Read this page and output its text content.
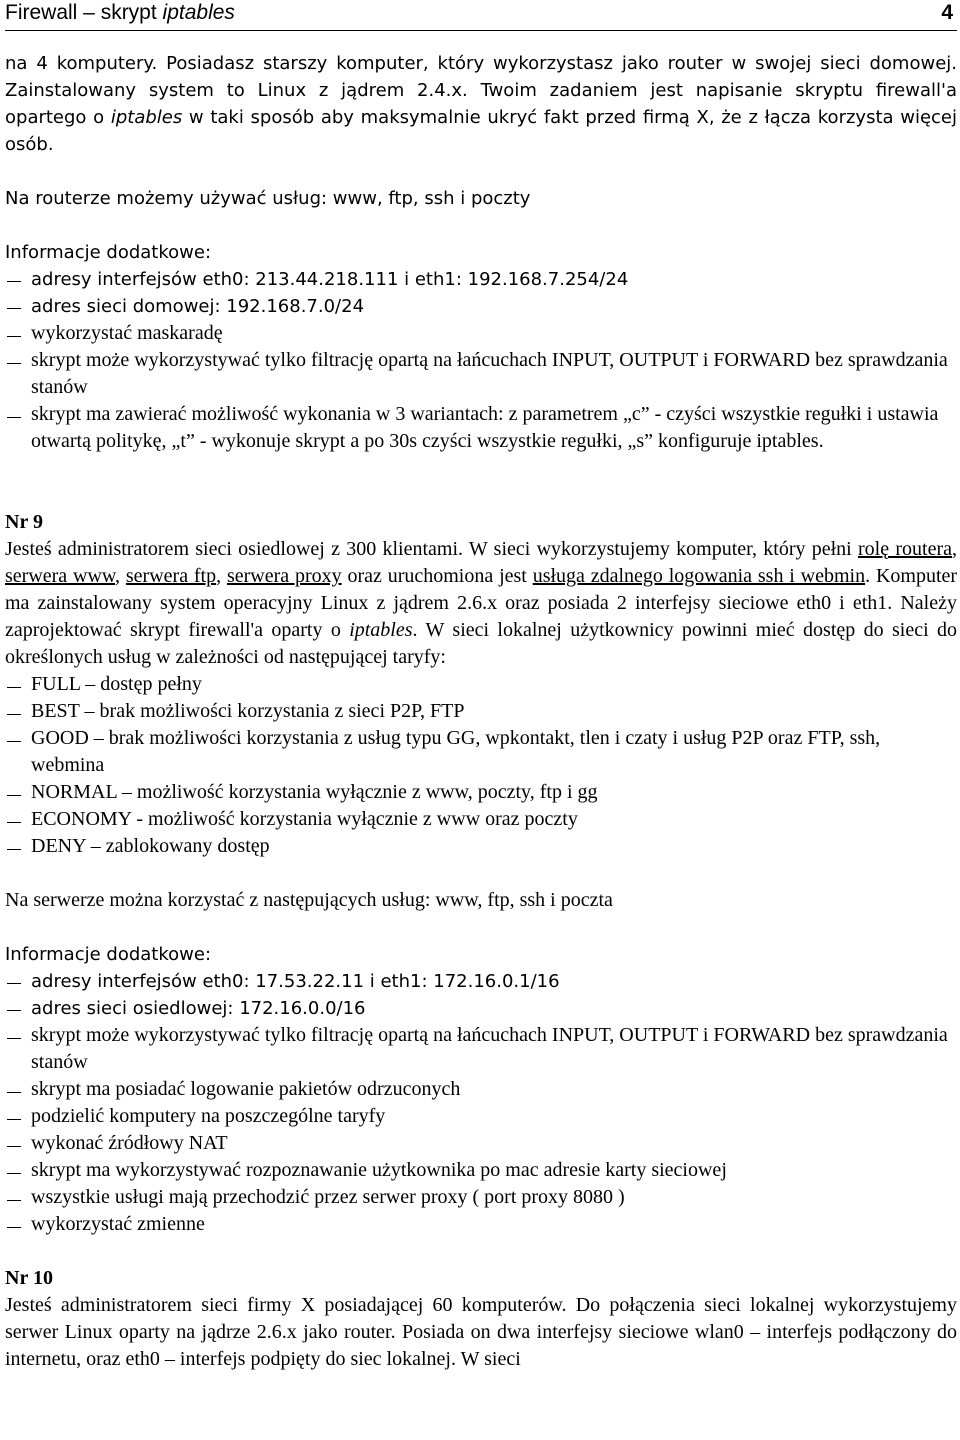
Firewall – skrypt iptables	4

na 4 komputery. Posiadasz starszy komputer, który wykorzystasz jako router w swojej sieci domowej. Zainstalowany system to Linux z jądrem 2.4.x. Twoim zadaniem jest napisanie skryptu firewall'a opartego o iptables w taki sposób aby maksymalnie ukryć fakt przed firmą X, że z łącza korzysta więcej osób.

Na routerze możemy używać usług: www, ftp, ssh i poczty

Informacje dodatkowe:

adresy interfejsów eth0: 213.44.218.111 i eth1: 192.168.7.254/24
adres sieci domowej: 192.168.7.0/24
wykorzystać maskaradę
skrypt może wykorzystywać tylko filtrację opartą na łańcuchach INPUT, OUTPUT i FORWARD bez sprawdzania stanów
skrypt ma zawierać możliwość wykonania w 3 wariantach: z parametrem „c” - czyści wszystkie regułki i ustawia otwartą politykę, „t” - wykonuje skrypt a po 30s czyści wszystkie regułki, „s” konfiguruje iptables.
Nr 9

Jesteś administratorem sieci osiedlowej z 300 klientami. W sieci wykorzystujemy komputer, który pełni rolę routera, serwera www, serwera ftp, serwera proxy oraz uruchomiona jest usługa zdalnego logowania ssh i webmin. Komputer ma zainstalowany system operacyjny Linux z jądrem 2.6.x oraz posiada 2 interfejsy sieciowe eth0 i eth1. Należy zaprojektować skrypt firewall'a oparty o iptables. W sieci lokalnej użytkownicy powinni mieć dostęp do sieci do określonych usług w zależności od następującej taryfy:

FULL – dostęp pełny
BEST – brak możliwości korzystania z sieci P2P, FTP
GOOD – brak możliwości korzystania z usług typu GG, wpkontakt, tlen i czaty i usług P2P oraz FTP, ssh, webmina
NORMAL – możliwość korzystania wyłącznie z www, poczty, ftp i gg
ECONOMY - możliwość korzystania wyłącznie z www oraz poczty
DENY – zablokowany dostęp

Na serwerze można korzystać z następujących usług: www, ftp, ssh i poczta

Informacje dodatkowe:

adresy interfejsów eth0: 17.53.22.11 i eth1: 172.16.0.1/16
adres sieci osiedlowej: 172.16.0.0/16
skrypt może wykorzystywać tylko filtrację opartą na łańcuchach INPUT, OUTPUT i FORWARD bez sprawdzania stanów
skrypt ma posiadać logowanie pakietów odrzuconych
podzielić komputery na poszczególne taryfy
wykonać źródłowy NAT
skrypt ma wykorzystywać rozpoznawanie użytkownika po mac adresie karty sieciowej
wszystkie usługi mają przechodzić przez serwer proxy ( port proxy 8080 )
wykorzystać zmienne
Nr 10

Jesteś administratorem sieci firmy X posiadającej 60 komputerów. Do połączenia sieci lokalnej wykorzystujemy serwer Linux oparty na jądrze 2.6.x jako router. Posiada on dwa interfejsy sieciowe wlan0 – interfejs podłączony do internetu, oraz eth0 – interfejs podpięty do siec lokalnej. W sieci
